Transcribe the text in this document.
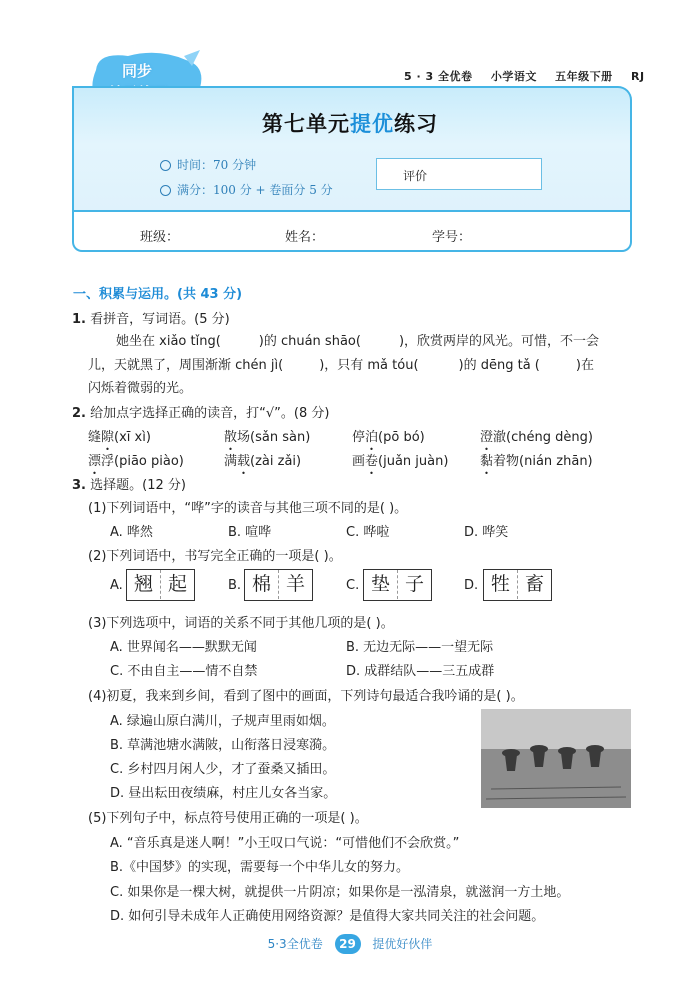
同步	5 · 3 全优卷 小学语文 五年级下册 RJ
第七单元提优练习
时间：70 分钟
满分：100 分 + 卷面分 5 分
评价
班级：	姓名：	学号：
一、积累与运用。(共 43 分)
1. 看拼音，写词语。(5 分)
她坐在 xiǎo tǐng(	)的 chuán shāo(	)，欣赏两岸的风光。可惜，不一会
儿，天就黑了，周围渐渐 chén jì(	)，只有 mǎ tóu(	)的 dēng tǎ (	)在
闪烁着微弱的光。
2. 给加点字选择正确的读音，打“√”。(8 分)
缝隙(xī xì)	散场(sǎn sàn)	停泊(pō bó)	澄澈(chéng dèng)
漂浮(piāo piào)	满载(zài zǎi)	画卷(juǎn juàn) 黏着物(nián zhān)
3. 选择题。(12 分)
(1)下列词语中，“哗”字的读音与其他三项不同的是( )。
A. 哗然	B. 喧哗	C. 哗啦	D. 哗笑
(2)下列词语中，书写完全正确的一项是( )。
A. 翘 起	B. 棉 羊	C. 垫 子	D. 牲 畜
(3)下列选项中，词语的关系不同于其他几项的是( )。
A. 世界闻名——默默无闻	B. 无边无际——一望无际
C. 不由自主——情不自禁	D. 成群结队——三五成群
(4)初夏，我来到乡间，看到了图中的画面，下列诗句最适合我吟诵的是( )。
A. 绿遍山原白满川，子规声里雨如烟。
B. 草满池塘水满陂，山衔落日浸寒漪。
C. 乡村四月闲人少，才了蚕桑又插田。
D. 昼出耘田夜绩麻，村庄儿女各当家。
(5)下列句子中，标点符号使用正确的一项是( )。
A. “音乐真是迷人啊！”小王叹口气说：“可惜他们不会欣赏。”
B.《中国梦》的实现，需要每一个中华儿女的努力。
C. 如果你是一棵大树，就提供一片阴凉；如果你是一泓清泉，就滋润一方土地。
D. 如何引导未成年人正确使用网络资源？是值得大家共同关注的社会问题。
5·3全优卷 29 提优好伙伴
